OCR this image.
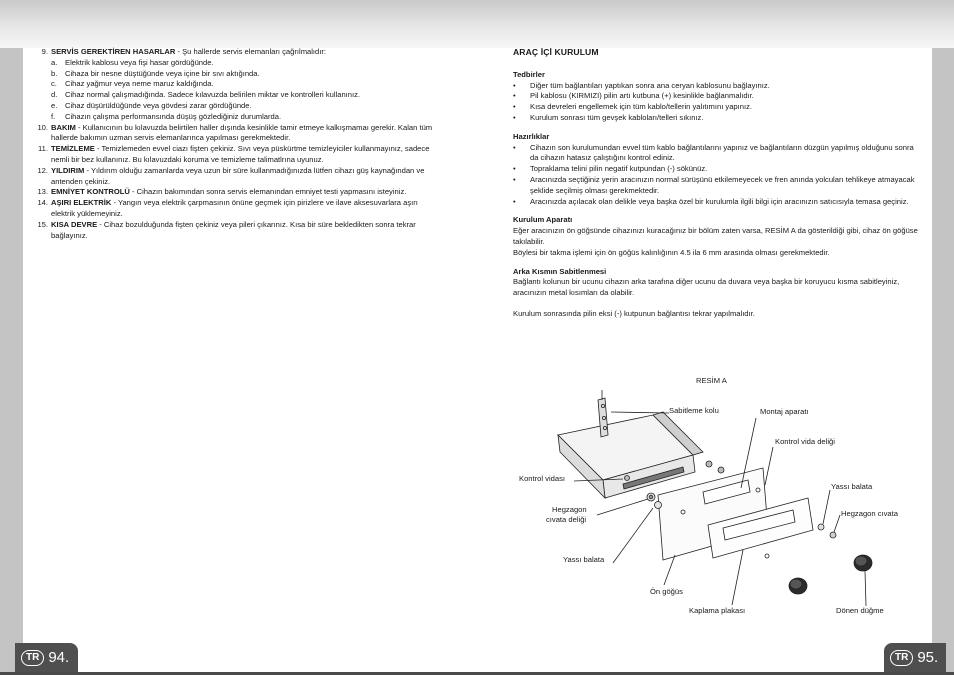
TR 94.	TR 95.
9. SERVİS GEREKTİREN HASARLAR - Şu hallerde servis elemanları çağrılmalıdır:
a. Elektrik kablosu veya fişi hasar gördüğünde.
b. Cihaza bir nesne düştüğünde veya içine bir sıvı aktığında.
c. Cihaz yağmur veya neme maruz kaldığında.
d. Cihaz normal çalışmadığında. Sadece kılavuzda belirilen miktar ve kontrolleri kullanınız.
e. Cihaz düşürüldüğünde veya gövdesi zarar gördüğünde.
f. Cihazın çalışma performansında düşüş gözlediğiniz durumlarda.
10. BAKIM - Kullanıcının bu kılavuzda belirtilen haller dışında kesinlikle tamir etmeye kalkışmamaı gerekir. Kalan tüm hallerde bakımın uzman servis elemanlarınca yapılması gerekmektedir.
11. TEMİZLEME - Temizlemeden evvel ciazı fişten çekiniz. Sıvı veya püskürtme temizleyiciler kullanmayınız, sadece nemli bir bez kullanınız. Bu kılavuzdaki koruma ve temizleme talimatlrına uyunuz.
12. YILDIRIM - Yıldırım olduğu zamanlarda veya uzun bir süre kullanmadığınızda lütfen cihazı güş kaynağından ve antenden çekiniz.
13. EMNİYET KONTROLÜ - Cihazın bakımından sonra servis elemanından emniyet testi yapmasını isteyiniz.
14. AŞIRI ELEKTRİK - Yangın veya elektrik çarpmasının önüne geçmek için pirizlere ve ilave aksesuvarlara aşırı elektrik yüklemeyiniz.
15. KISA DEVRE - Cihaz bozulduğunda fişten çekiniz veya pileri çıkarınız. Kısa bir süre bekledikten sonra tekrar bağlayınız.
ARAÇ İÇİ KURULUM
Tedbirler
• Diğer tüm bağlantıları yaptıkan sonra ana ceryan kablosunu bağlayınız.
• Pil kablosu (KIRMIZI) pilin artı kutbuna (+) kesinlikle bağlanmalıdır.
• Kısa devreleri engellemek için tüm kablo/tellerin yalıtımını yapınız.
• Kurulum sonrası tüm gevşek kabloları/telleri sıkınız.
Hazırlıklar
• Cihazın son kurulumundan evvel tüm kablo bağlantılarını yapınız ve bağlantıların düzgün yapılmış olduğunu sonra da cihazın hatasız çalıştığını kontrol ediniz.
• Topraklama telini pilin negatif kutpundan (-) sökünüz.
• Aracınızda seçtiğiniz yerin aracınızın normal sürüşünü etkilemeyecek ve fren anında yolcuları tehlikeye atmayacak şeklide seçilmiş olması gerekmektedir.
• Aracınızda açılacak olan delikle veya başka özel bir kurulumla ilgili bilgi için aracınızın satıcısıyla temasa geçiniz.
Kurulum Aparatı
Eğer aracınızın ön göğsünde cihazınızı kuracağınız bir bölüm zaten varsa, RESİM A da gösterildiği gibi, cihaz ön göğüse takılabilir.
Böylesi bir takma işlemi için ön göğüs kalınlığının 4.5 ila 6 mm arasında olması gerekmektedir.
Arka Kısmın Sabitlenmesi
Bağlantı kolunun bir ucunu cihazın arka tarafına diğer ucunu da duvara veya başka bir koruyucu kısma sabitleyiniz, aracınızın metal kısımları da olabilir.
Kurulum sonrasında pilin eksi (-) kutpunun bağlantısı tekrar yapılmalıdır.
RESİM A
Sabitleme kolu	Montaj aparatı
Kontrol vida deliği
Kontrol vidası
Yassı balata
Hegzagon
cıvata deliği
Hegzagon cıvata
Yassı balata
Ön göğüs
Kaplama plakası	Dönen düğme
